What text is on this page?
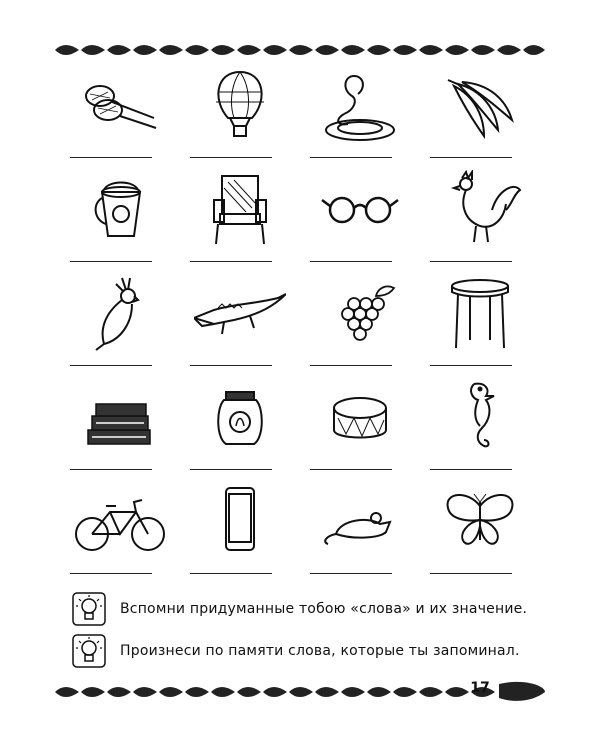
Вспомни придуманные тобою «слова» и их значение.
Произнеси по памяти слова, которые ты запоминал.
17
